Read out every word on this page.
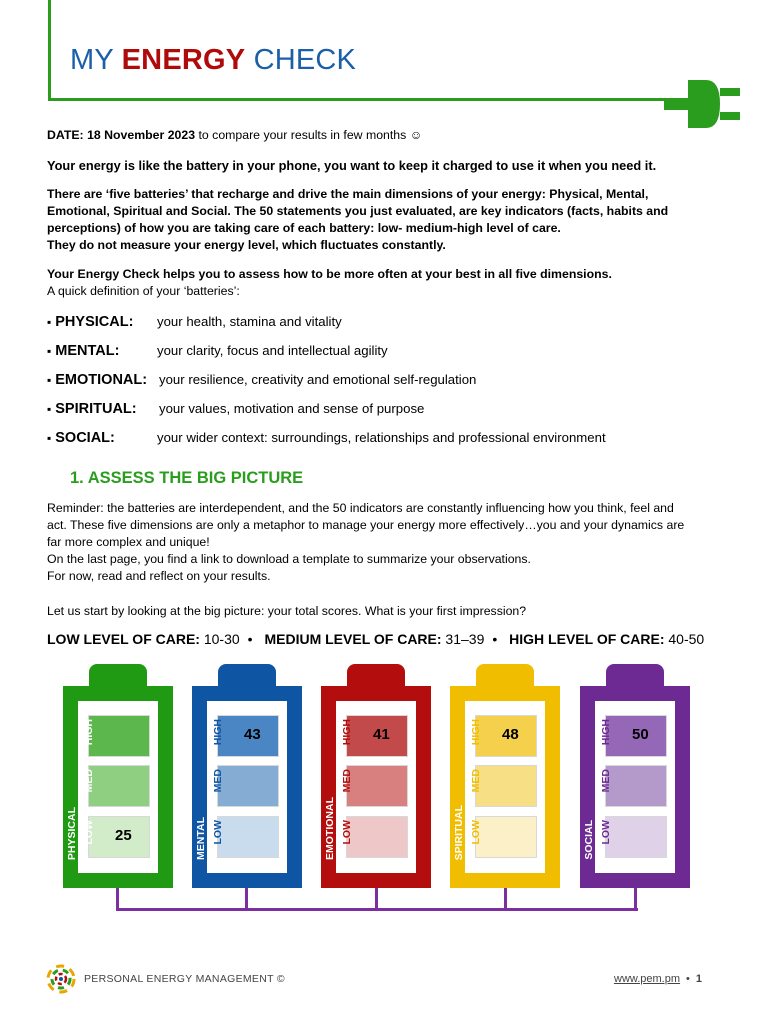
MY ENERGY CHECK
DATE: 18 November 2023 to compare your results in few months ☺
Your energy is like the battery in your phone, you want to keep it charged to use it when you need it.
There are ‘five batteries’ that recharge and drive the main dimensions of your energy: Physical, Mental,
Emotional, Spiritual and Social. The 50 statements you just evaluated, are key indicators (facts, habits and
perceptions) of how you are taking care of each battery: low- medium-high level of care.
They do not measure your energy level, which fluctuates constantly.
Your Energy Check helps you to assess how to be more often at your best in all five dimensions.
A quick definition of your ‘batteries’:
▪ PHYSICAL: your health, stamina and vitality
▪ MENTAL:	your clarity, focus and intellectual agility
▪ EMOTIONAL: your resilience, creativity and emotional self-regulation
▪ SPIRITUAL: your values, motivation and sense of purpose
▪ SOCIAL:	your wider context: surroundings, relationships and professional environment
1. ASSESS THE BIG PICTURE
Reminder: the batteries are interdependent, and the 50 indicators are constantly influencing how you think, feel and
act. These five dimensions are only a metaphor to manage your energy more effectively…you and your dynamics are
far more complex and unique!
On the last page, you find a link to download a template to summarize your observations.
For now, read and reflect on your results.
Let us start by looking at the big picture: your total scores. What is your first impression?
LOW LEVEL OF CARE: 10-30 • MEDIUM LEVEL OF CARE: 31–39 • HIGH LEVEL OF CARE: 40-50
HIGH
MED
25
LOW
PHYSICAL
43
HIGH
MED
LOW
MENTAL
41
HIGH
MED
LOW
EMOTIONAL
48
HIGH
MED
LOW
SPIRITUAL
50
HIGH
MED
LOW
SOCIAL
PERSONAL ENERGY MANAGEMENT ©	www.pem.pm • 1
